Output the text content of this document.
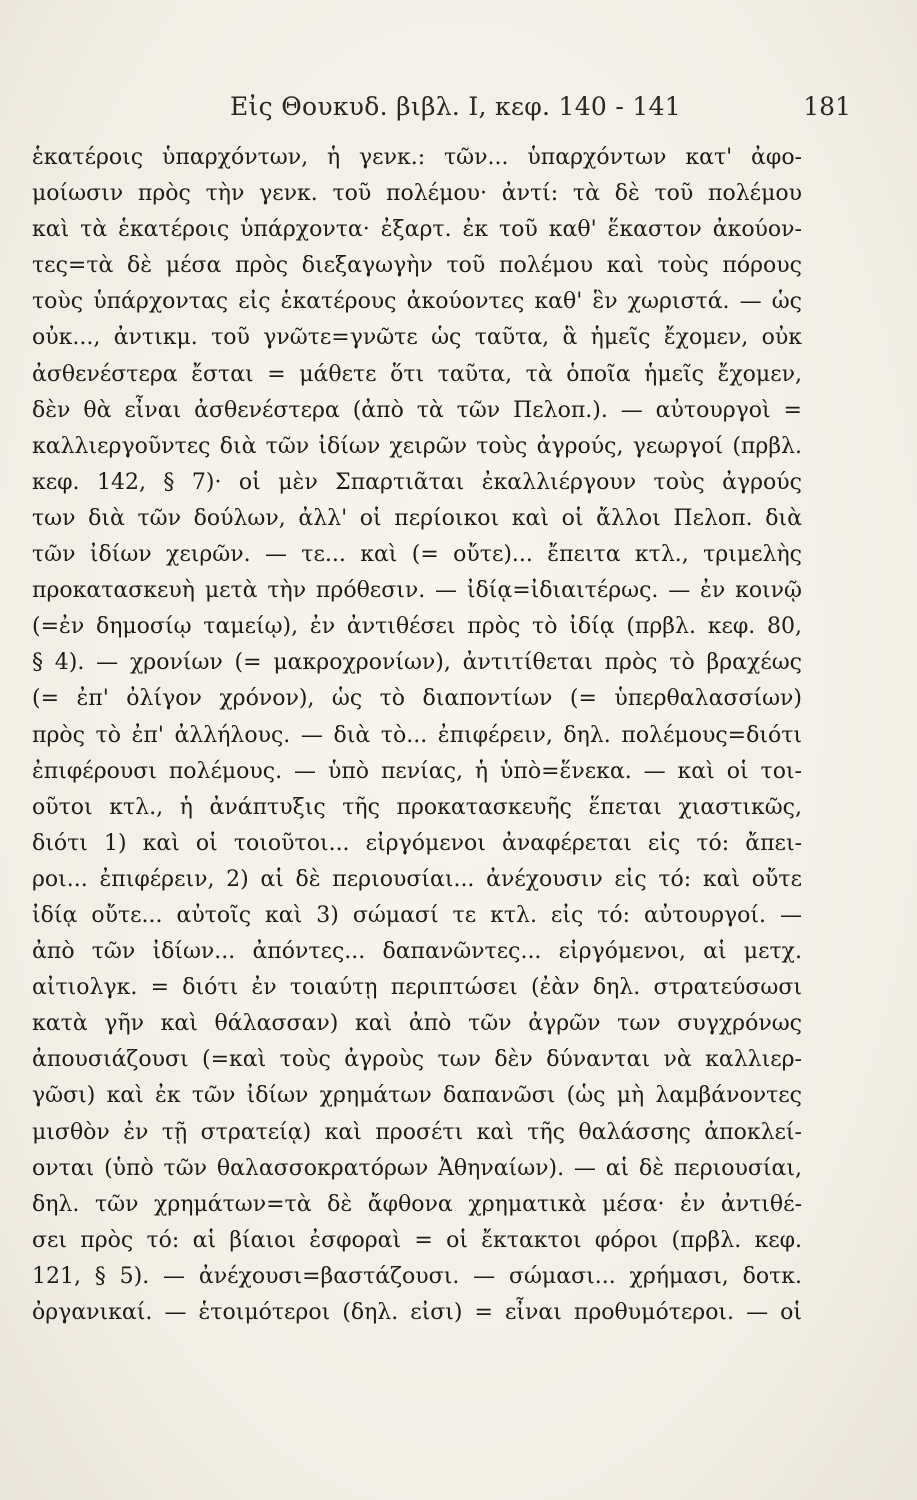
Εἰς Θουκυδ. βιβλ. Ι, κεφ. 140 - 141	181
ἑκατέροις ὑπαρχόντων, ἡ γενκ.: τῶν... ὑπαρχόντων κατ' ἀφο-
μοίωσιν πρὸς τὴν γενκ. τοῦ πολέμου· ἀντί: τὰ δὲ τοῦ πολέμου
καὶ τὰ ἑκατέροις ὑπάρχοντα· ἐξαρτ. ἐκ τοῦ καθ' ἕκαστον ἀκούον-
τες=τὰ δὲ μέσα πρὸς διεξαγωγὴν τοῦ πολέμου καὶ τοὺς πόρους
τοὺς ὑπάρχοντας εἰς ἑκατέρους ἀκούοντες καθ' ἓν χωριστά. — ὡς
οὐκ..., ἀντικμ. τοῦ γνῶτε=γνῶτε ὡς ταῦτα, ἃ ἡμεῖς ἔχομεν, οὐκ
ἀσθενέστερα ἔσται = μάθετε ὅτι ταῦτα, τὰ ὁποῖα ἡμεῖς ἔχομεν,
δὲν θὰ εἶναι ἀσθενέστερα (ἀπὸ τὰ τῶν Πελοπ.). — αὐτουργοὶ =
καλλιεργοῦντες διὰ τῶν ἰδίων χειρῶν τοὺς ἀγρούς, γεωργοί (πρβλ.
κεφ. 142, § 7)· οἱ μὲν Σπαρτιᾶται ἐκαλλιέργουν τοὺς ἀγρούς
των διὰ τῶν δούλων, ἀλλ' οἱ περίοικοι καὶ οἱ ἄλλοι Πελοπ. διὰ
τῶν ἰδίων χειρῶν. — τε... καὶ (= οὔτε)... ἔπειτα κτλ., τριμελὴς
προκατασκευὴ μετὰ τὴν πρόθεσιν. — ἰδίᾳ=ἰδιαιτέρως. — ἐν κοινῷ
(=ἐν δημοσίῳ ταμείῳ), ἐν ἀντιθέσει πρὸς τὸ ἰδίᾳ (πρβλ. κεφ. 80,
§ 4). — χρονίων (= μακροχρονίων), ἀντιτίθεται πρὸς τὸ βραχέως
(= ἐπ' ὀλίγον χρόνον), ὡς τὸ διαποντίων (= ὑπερθαλασσίων)
πρὸς τὸ ἐπ' ἀλλήλους. — διὰ τὸ... ἐπιφέρειν, δηλ. πολέμους=διότι
ἐπιφέρουσι πολέμους. — ὑπὸ πενίας, ἡ ὑπὸ=ἕνεκα. — καὶ οἱ τοι-
οῦτοι κτλ., ἡ ἀνάπτυξις τῆς προκατασκευῆς ἕπεται χιαστικῶς,
διότι 1) καὶ οἱ τοιοῦτοι... εἰργόμενοι ἀναφέρεται εἰς τό: ἄπει-
ροι... ἐπιφέρειν, 2) αἱ δὲ περιουσίαι... ἀνέχουσιν εἰς τό: καὶ οὔτε
ἰδίᾳ οὔτε... αὐτοῖς καὶ 3) σώμασί τε κτλ. εἰς τό: αὐτουργοί. —
ἀπὸ τῶν ἰδίων... ἀπόντες... δαπανῶντες... εἰργόμενοι, αἱ μετχ.
αἰτιολγκ. = διότι ἐν τοιαύτῃ περιπτώσει (ἐὰν δηλ. στρατεύσωσι
κατὰ γῆν καὶ θάλασσαν) καὶ ἀπὸ τῶν ἀγρῶν των συγχρόνως
ἀπουσιάζουσι (=καὶ τοὺς ἀγροὺς των δὲν δύνανται νὰ καλλιερ-
γῶσι) καὶ ἐκ τῶν ἰδίων χρημάτων δαπανῶσι (ὡς μὴ λαμβάνοντες
μισθὸν ἐν τῇ στρατείᾳ) καὶ προσέτι καὶ τῆς θαλάσσης ἀποκλεί-
ονται (ὑπὸ τῶν θαλασσοκρατόρων Ἀθηναίων). — αἱ δὲ περιουσίαι,
δηλ. τῶν χρημάτων=τὰ δὲ ἄφθονα χρηματικὰ μέσα· ἐν ἀντιθέ-
σει πρὸς τό: αἱ βίαιοι ἐσφοραὶ = οἱ ἔκτακτοι φόροι (πρβλ. κεφ.
121, § 5). — ἀνέχουσι=βαστάζουσι. — σώμασι... χρήμασι, δοτκ.
ὀργανικαί. — ἑτοιμότεροι (δηλ. εἰσι) = εἶναι προθυμότεροι. — οἱ
